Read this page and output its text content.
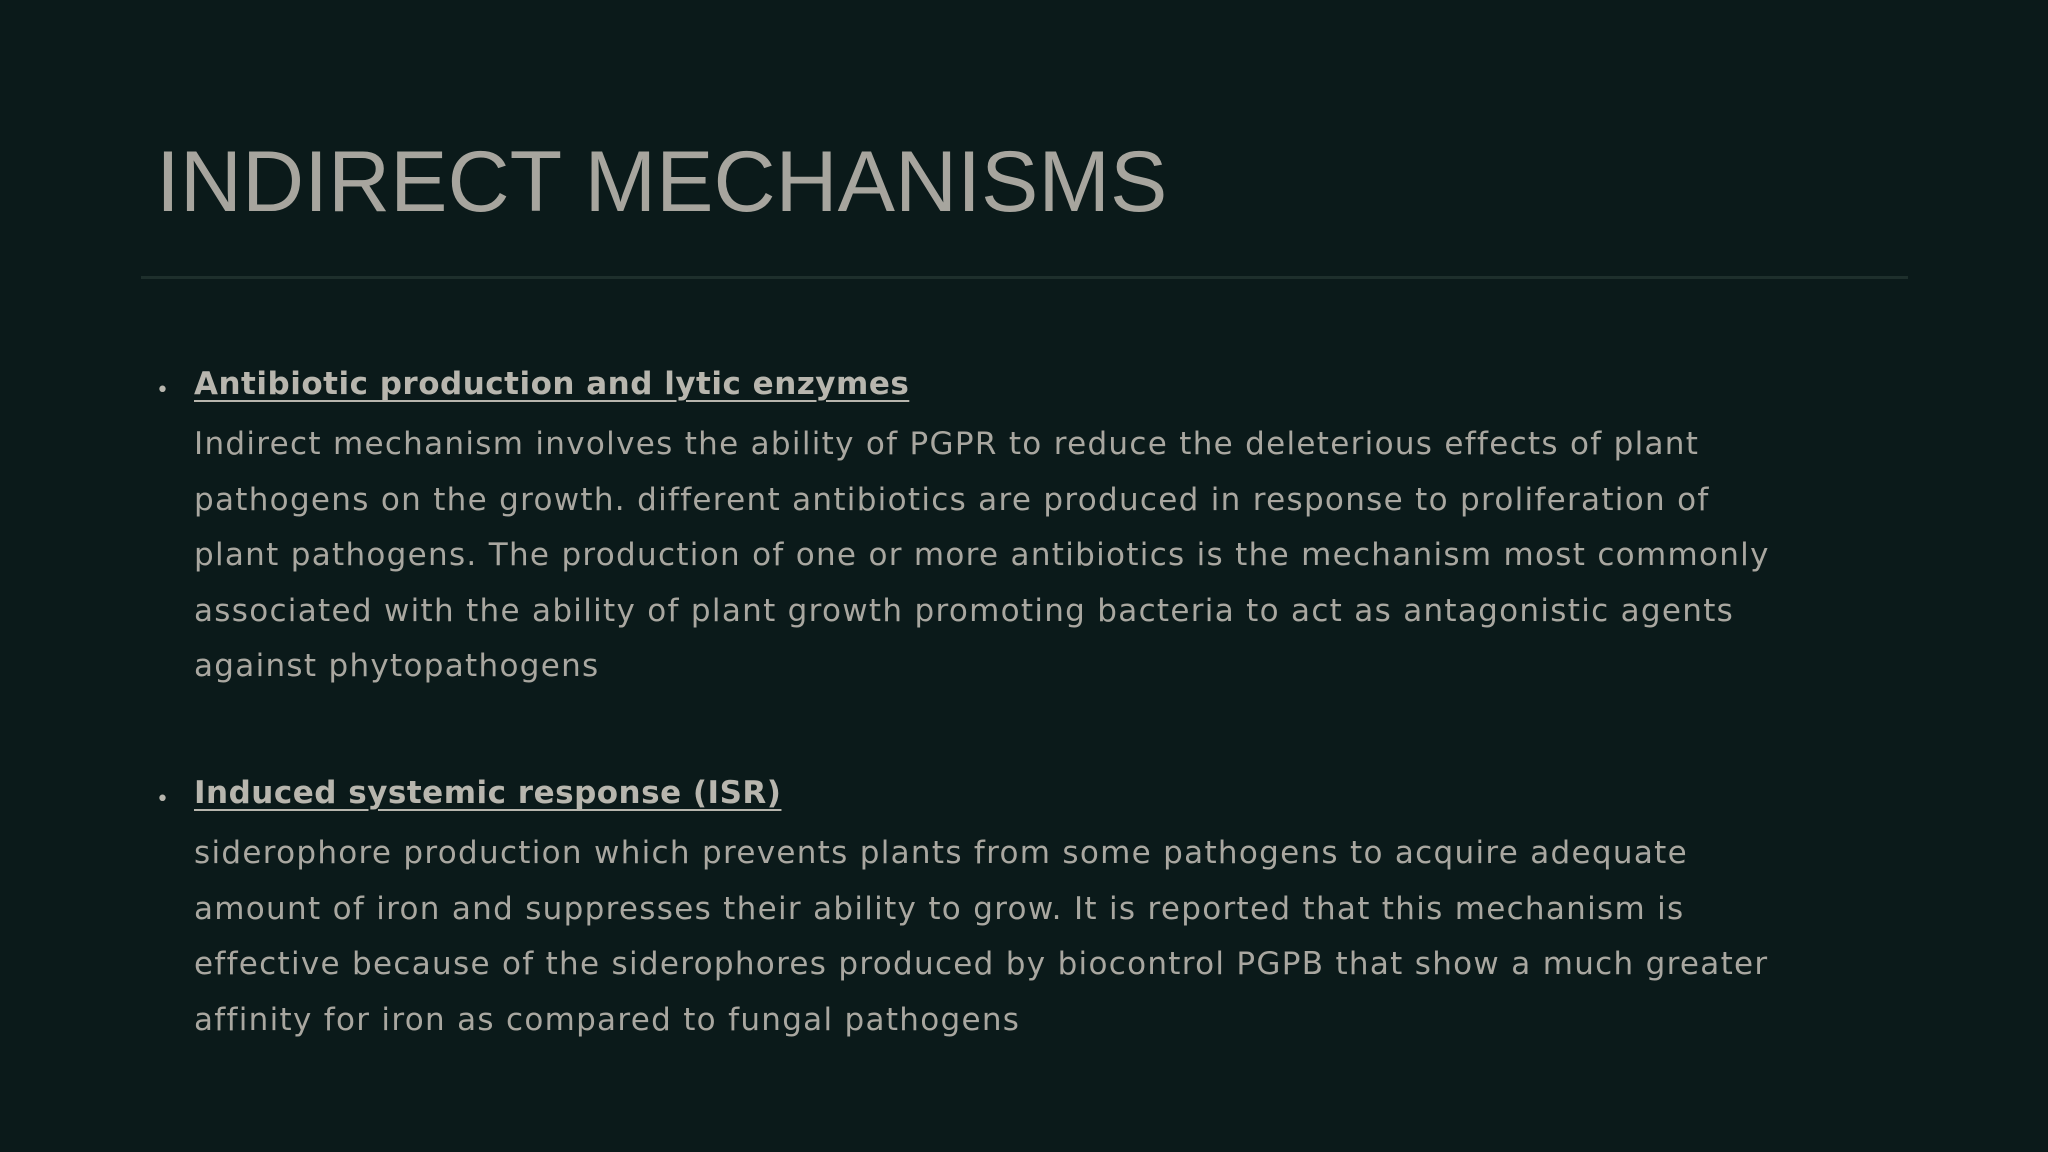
INDIRECT MECHANISMS
• Antibiotic production and lytic enzymes
Indirect mechanism involves the ability of PGPR to reduce the deleterious effects of plant
pathogens on the growth. different antibiotics are produced in response to proliferation of
plant pathogens. The production of one or more antibiotics is the mechanism most commonly
associated with the ability of plant growth promoting bacteria to act as antagonistic agents
against phytopathogens
• Induced systemic response (ISR)
siderophore production which prevents plants from some pathogens to acquire adequate
amount of iron and suppresses their ability to grow. It is reported that this mechanism is
effective because of the siderophores produced by biocontrol PGPB that show a much greater
affinity for iron as compared to fungal pathogens
